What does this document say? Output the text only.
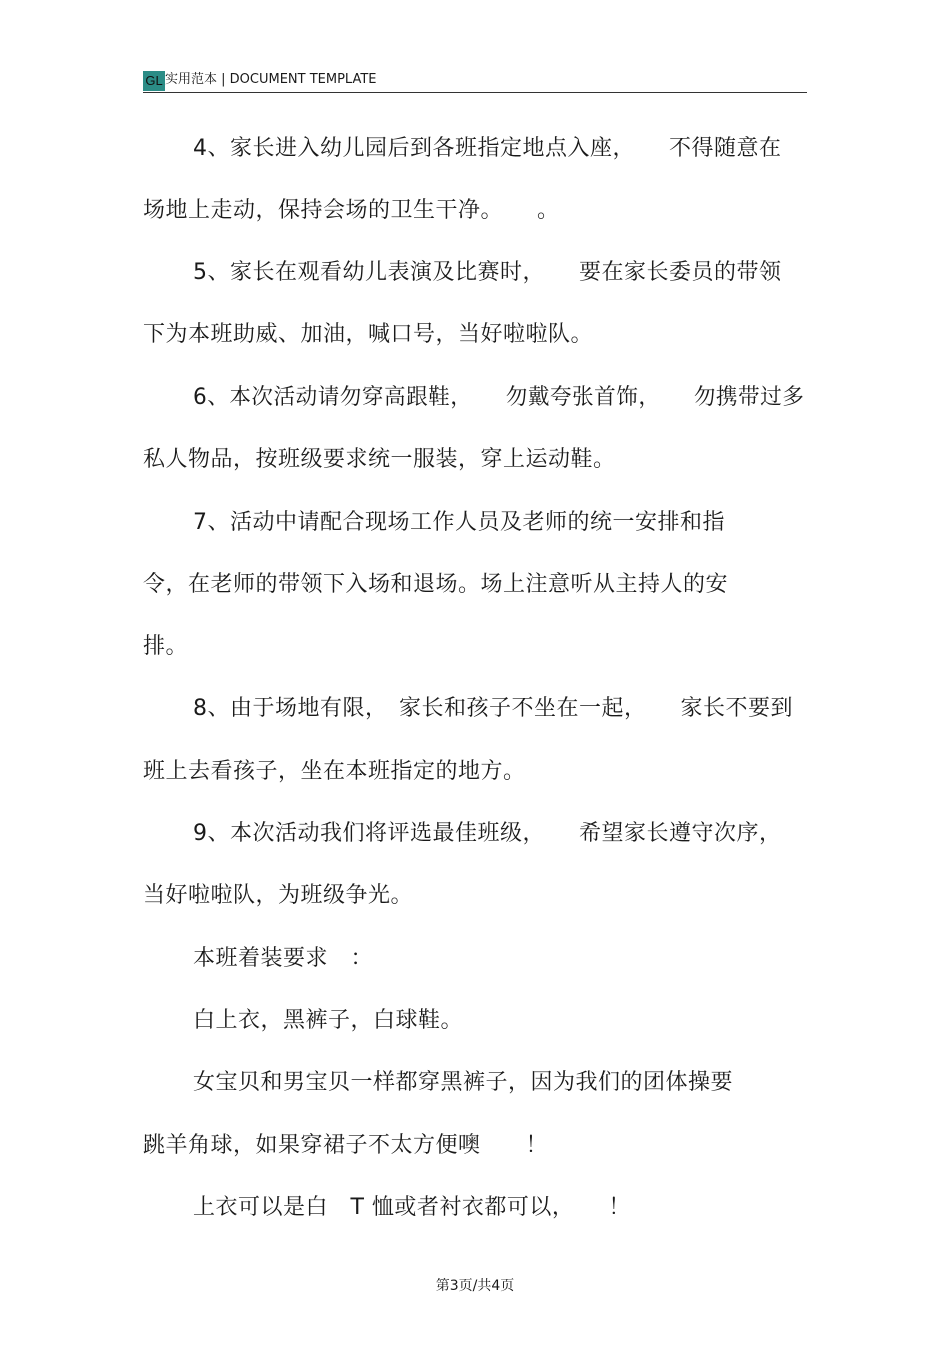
GL 实用范本 | DOCUMENT TEMPLATE
4、家长进入幼儿园后到各班指定地点入座，　　不得随意在
场地上走动，保持会场的卫生干净。　　。
5、家长在观看幼儿表演及比赛时，　　要在家长委员的带领
下为本班助威、加油，喊口号，当好啦啦队。
6、本次活动请勿穿高跟鞋，　　勿戴夸张首饰，　　勿携带过多
私人物品，按班级要求统一服装，穿上运动鞋。
7、活动中请配合现场工作人员及老师的统一安排和指
令，在老师的带领下入场和退场。场上注意听从主持人的安
排。
8、由于场地有限，　家长和孩子不坐在一起，　　家长不要到
班上去看孩子，坐在本班指定的地方。
9、本次活动我们将评选最佳班级，　　希望家长遵守次序，
当好啦啦队，为班级争光。
本班着装要求　：
白上衣，黑裤子，白球鞋。
女宝贝和男宝贝一样都穿黑裤子，因为我们的团体操要
跳羊角球，如果穿裙子不太方便噢　　！
上衣可以是白　T 恤或者衬衣都可以，　　！
第3页/共4页
